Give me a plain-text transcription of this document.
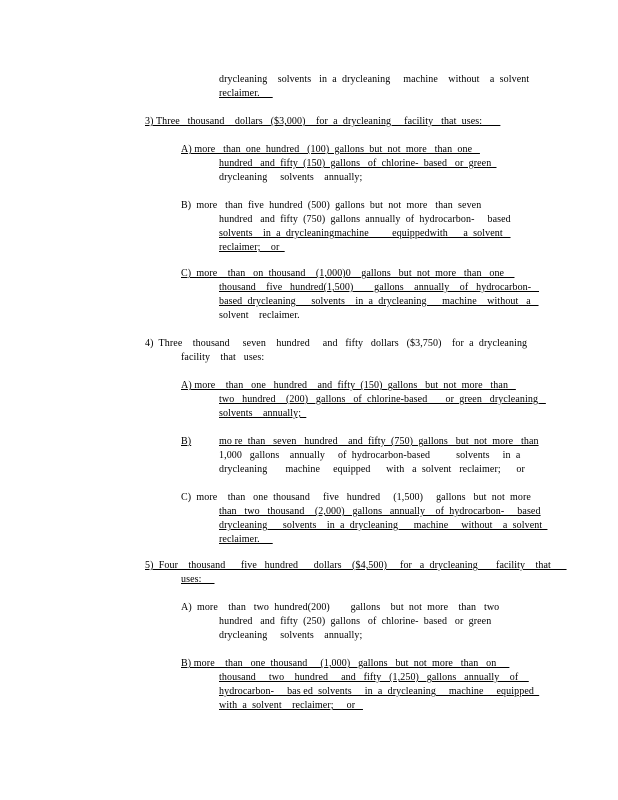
drycleaning    solvents   in  a  drycleaning     machine    without    a  solvent
reclaimer.
3) Three   thousand    dollars   ($3,000)    for  a  drycleaning     facility   that  uses:
A) more   than  one  hundred   (100)  gallons  but  not  more   than  one
hundred   and  fifty  (150)  gallons   of  chlorine-  based   or  green
drycleaning     solvents    annually;
B)  more   than  five  hundred  (500)  gallons  but  not  more   than  seven
hundred   and  fifty  (750)  gallons  annually  of  hydrocarbon-     based
solvents    in  a  drycleaningmachine         equippedwith      a  solvent
reclaimer;    or
C)  more    than   on  thousand    (1,000)0    gallons   but  not  more   than   one
thousand    five   hundred(1,500)        gallons    annually    of   hydrocarbon-
based  drycleaning      solvents    in  a  drycleaning      machine    without   a
solvent    reclaimer.
4)  Three    thousand     seven    hundred     and   fifty   dollars   ($3,750)    for  a  drycleaning
facility    that   uses:
A) more    than   one   hundred    and  fifty  (150)  gallons   but  not  more   than
two   hundred    (200)   gallons   of  chlorine-based       or  green   drycleaning
solvents    annually;
B)	mo re  than   seven   hundred    and  fifty  (750)  gallons   but  not  more   than
1,000   gallons    annually     of  hydrocarbon-based          solvents     in  a
drycleaning       machine     equipped      with   a  solvent   reclaimer;      or
C)  more    than   one  thousand     five   hundred     (1,500)     gallons   but  not  more
than   two   thousand    (2,000)   gallons   annually    of  hydrocarbon-     based
drycleaning      solvents    in  a  drycleaning      machine     without    a  solvent
reclaimer.
5)  Four    thousand      five   hundred      dollars    ($4,500)     for   a  drycleaning       facility    that
uses:
A)  more    than   two  hundred(200)        gallons    but  not  more    than   two
hundred   and  fifty  (250)  gallons   of  chlorine-  based   or  green
drycleaning     solvents    annually;
B) more    than   one  thousand     (1,000)   gallons   but  not  more   than   on
thousand     two    hundred     and   fifty   (1,250)   gallons   annually    of
hydrocarbon-     bas ed  solvents     in  a  drycleaning     machine     equipped
with  a  solvent    reclaimer;     or
